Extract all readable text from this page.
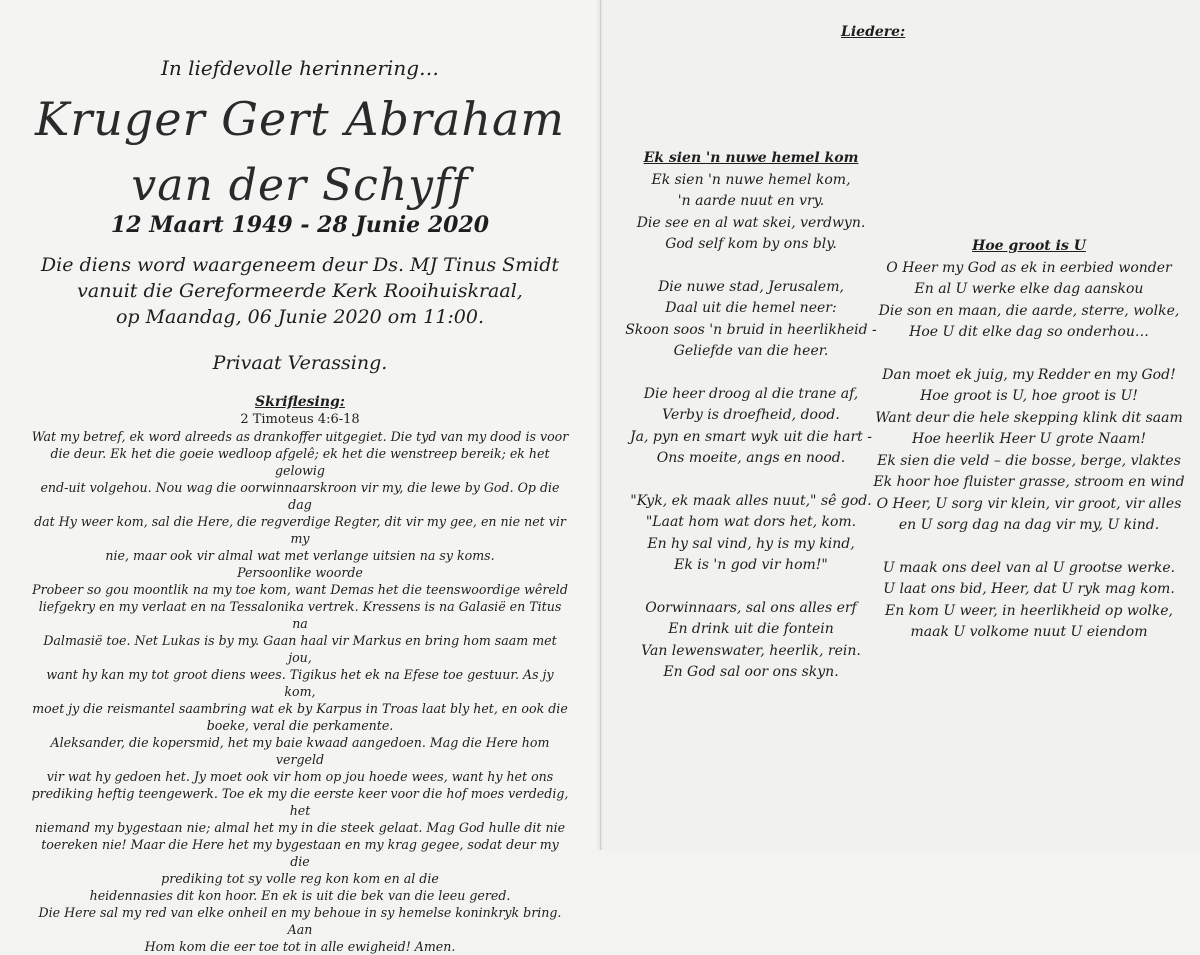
In liefdevolle herinnering…
Kruger Gert Abraham
van der Schyff
12 Maart 1949 - 28 Junie 2020
Die diens word waargeneem deur Ds. MJ Tinus Smidt
vanuit die Gereformeerde Kerk Rooihuiskraal,
op Maandag, 06 Junie 2020 om 11:00.
Privaat Verassing.
Skriflesing:
2 Timoteus 4:6-18

Wat my betref, ek word alreeds as drankoffer uitgegiet. Die tyd van my dood is voor

die deur. Ek het die goeie wedloop afgelê; ek het die wenstreep bereik; ek het gelowig

end-uit volgehou. Nou wag die oorwinnaarskroon vir my, die lewe by God. Op die dag

dat Hy weer kom, sal die Here, die regverdige Regter, dit vir my gee, en nie net vir my

nie, maar ook vir almal wat met verlange uitsien na sy koms.

Persoonlike woorde

Probeer so gou moontlik na my toe kom, want Demas het die teenswoordige wêreld

liefgekry en my verlaat en na Tessalonika vertrek. Kressens is na Galasië en Titus na

Dalmasië toe. Net Lukas is by my. Gaan haal vir Markus en bring hom saam met jou,

want hy kan my tot groot diens wees. Tigikus het ek na Efese toe gestuur. As jy kom,

moet jy die reismantel saambring wat ek by Karpus in Troas laat bly het, en ook die

boeke, veral die perkamente.

Aleksander, die kopersmid, het my baie kwaad aangedoen. Mag die Here hom vergeld

vir wat hy gedoen het. Jy moet ook vir hom op jou hoede wees, want hy het ons

prediking heftig teengewerk. Toe ek my die eerste keer voor die hof moes verdedig, het

niemand my bygestaan nie; almal het my in die steek gelaat. Mag God hulle dit nie

toereken nie! Maar die Here het my bygestaan en my krag gegee, sodat deur my die

prediking tot sy volle reg kon kom en al die

heidennasies dit kon hoor. En ek is uit die bek van die leeu gered.

Die Here sal my red van elke onheil en my behoue in sy hemelse koninkryk bring. Aan

Hom kom die eer toe tot in alle ewigheid! Amen.

Liedere:

Ek sien 'n nuwe hemel kom

Ek sien 'n nuwe hemel kom,

'n aarde nuut en vry.

Die see en al wat skei, verdwyn.

God self kom by ons bly.

Die nuwe stad, Jerusalem,

Daal uit die hemel neer:

Skoon soos 'n bruid in heerlikheid -

Geliefde van die heer.

Die heer droog al die trane af,

Verby is droefheid, dood.

Ja, pyn en smart wyk uit die hart -

Ons moeite, angs en nood.

"Kyk, ek maak alles nuut," sê god.

"Laat hom wat dors het, kom.

En hy sal vind, hy is my kind,

Ek is 'n god vir hom!"

Oorwinnaars, sal ons alles erf

En drink uit die fontein

Van lewenswater, heerlik, rein.

En God sal oor ons skyn.

Hoe groot is U

O Heer my God as ek in eerbied wonder

En al U werke elke dag aanskou

Die son en maan, die aarde, sterre, wolke,

Hoe U dit elke dag so onderhou…

Dan moet ek juig, my Redder en my God!

Hoe groot is U, hoe groot is U!

Want deur die hele skepping klink dit saam

Hoe heerlik Heer U grote Naam!

Ek sien die veld – die bosse, berge, vlaktes

Ek hoor hoe fluister grasse, stroom en wind

O Heer, U sorg vir klein, vir groot, vir alles

en U sorg dag na dag vir my, U kind.

U maak ons deel van al U grootse werke.

U laat ons bid, Heer, dat U ryk mag kom.

En kom U weer, in heerlikheid op wolke,

maak U volkome nuut U eiendom
